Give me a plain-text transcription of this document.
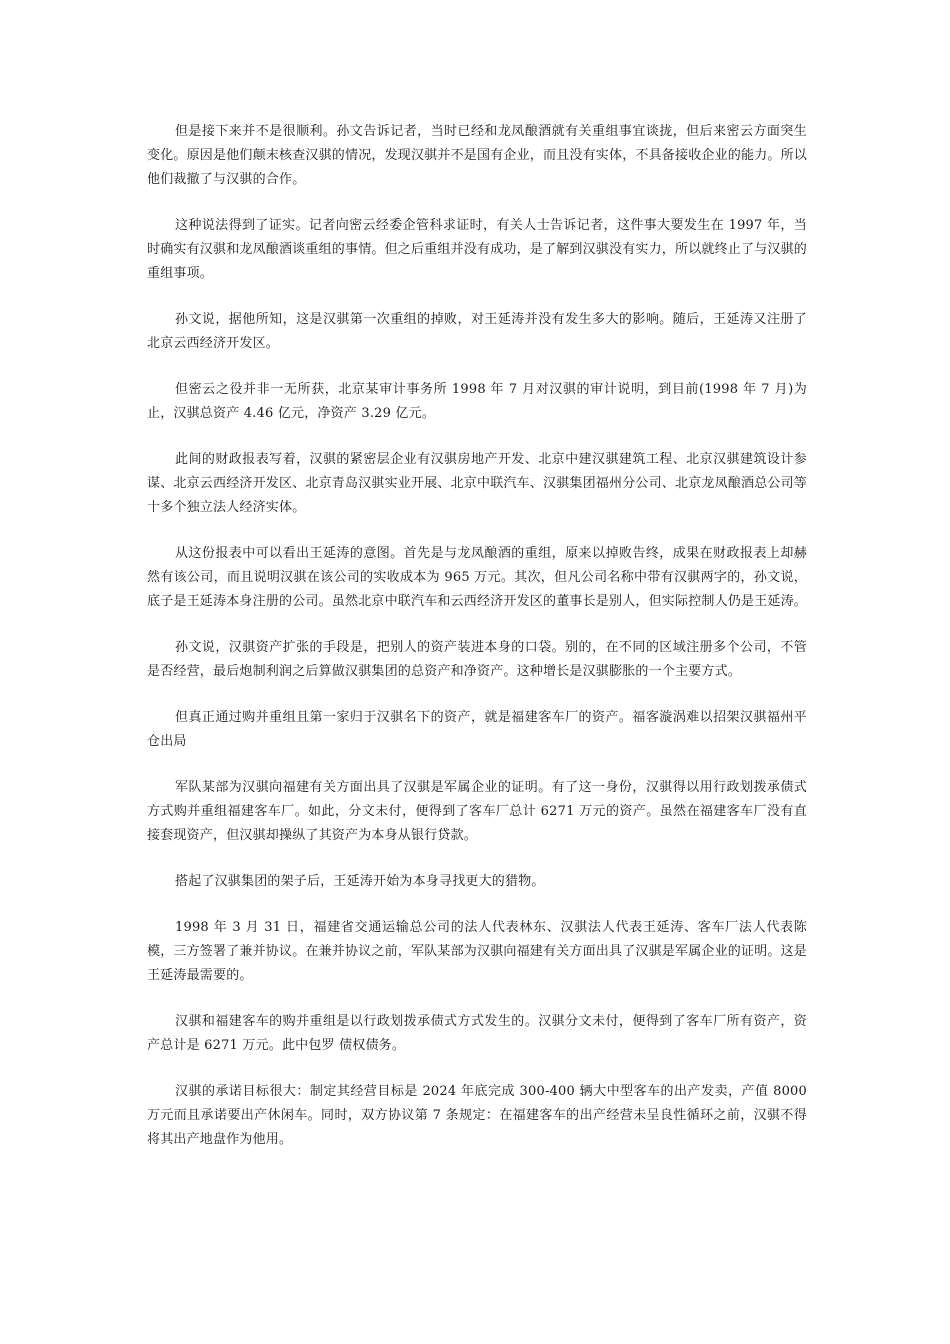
但是接下来并不是很顺利。孙文告诉记者，当时已经和龙凤酿酒就有关重组事宜谈拢，但后来密云方面突生变化。原因是他们颠末核查汉骐的情况，发现汉骐并不是国有企业，而且没有实体，不具备接收企业的能力。所以他们裁撤了与汉骐的合作。

这种说法得到了证实。记者向密云经委企管科求证时，有关人士告诉记者，这件事大要发生在 1997 年，当时确实有汉骐和龙凤酿酒谈重组的事情。但之后重组并没有成功，是了解到汉骐没有实力，所以就终止了与汉骐的重组事项。

孙文说，据他所知，这是汉骐第一次重组的掉败，对王延涛并没有发生多大的影响。随后，王延涛又注册了北京云西经济开发区。

但密云之役并非一无所获，北京某审计事务所 1998 年 7 月对汉骐的审计说明，到目前(1998 年 7 月)为止，汉骐总资产 4.46 亿元，净资产 3.29 亿元。

此间的财政报表写着，汉骐的紧密层企业有汉骐房地产开发、北京中建汉骐建筑工程、北京汉骐建筑设计参谋、北京云西经济开发区、北京青岛汉骐实业开展、北京中联汽车、汉骐集团福州分公司、北京龙凤酿酒总公司等十多个独立法人经济实体。

从这份报表中可以看出王延涛的意图。首先是与龙凤酿酒的重组，原来以掉败告终，成果在财政报表上却赫然有该公司，而且说明汉骐在该公司的实收成本为 965 万元。其次，但凡公司名称中带有汉骐两字的，孙文说，底子是王延涛本身注册的公司。虽然北京中联汽车和云西经济开发区的董事长是别人，但实际控制人仍是王延涛。

孙文说，汉骐资产扩张的手段是，把别人的资产装进本身的口袋。别的，在不同的区域注册多个公司，不管是否经营，最后炮制利润之后算做汉骐集团的总资产和净资产。这种增长是汉骐膨胀的一个主要方式。

但真正通过购并重组且第一家归于汉骐名下的资产，就是福建客车厂的资产。福客漩涡难以招架汉骐福州平仓出局

军队某部为汉骐向福建有关方面出具了汉骐是军属企业的证明。有了这一身份，汉骐得以用行政划拨承债式方式购并重组福建客车厂。如此，分文未付，便得到了客车厂总计 6271 万元的资产。虽然在福建客车厂没有直接套现资产，但汉骐却操纵了其资产为本身从银行贷款。

搭起了汉骐集团的架子后，王延涛开始为本身寻找更大的猎物。

1998 年 3 月 31 日，福建省交通运输总公司的法人代表林东、汉骐法人代表王延涛、客车厂法人代表陈模，三方签署了兼并协议。在兼并协议之前，军队某部为汉骐向福建有关方面出具了汉骐是军属企业的证明。这是王延涛最需要的。

汉骐和福建客车的购并重组是以行政划拨承债式方式发生的。汉骐分文未付，便得到了客车厂所有资产，资产总计是 6271 万元。此中包罗 债权债务。

汉骐的承诺目标很大：制定其经营目标是 2024 年底完成 300-400 辆大中型客车的出产发卖，产值 8000 万元而且承诺要出产休闲车。同时，双方协议第 7 条规定：在福建客车的出产经营未呈良性循环之前，汉骐不得将其出产地盘作为他用。
